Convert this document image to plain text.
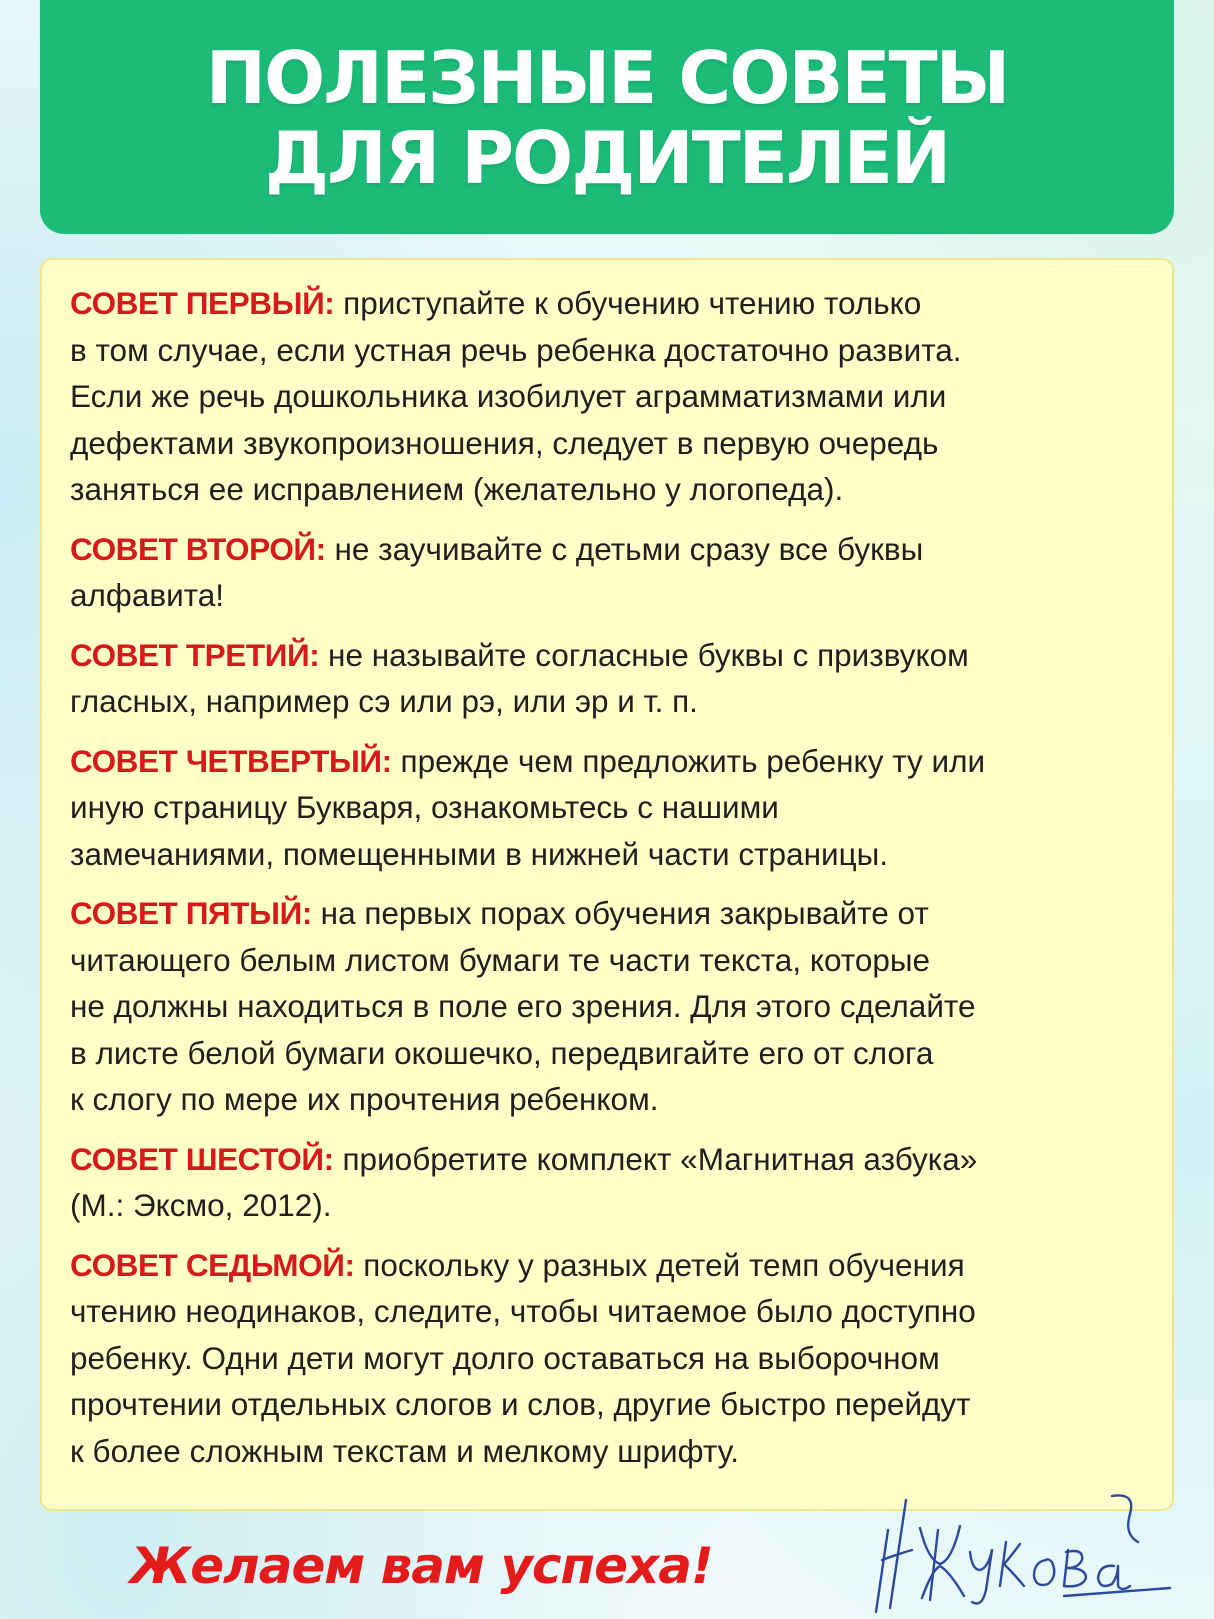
ПОЛЕЗНЫЕ СОВЕТЫ
ДЛЯ РОДИТЕЛЕЙ

СОВЕТ ПЕРВЫЙ: приступайте к обучению чтению только
в том случае, если устная речь ребенка достаточно развита.
Если же речь дошкольника изобилует аграмматизмами или
дефектами звукопроизношения, следует в первую очередь
заняться ее исправлением (желательно у логопеда).

СОВЕТ ВТОРОЙ: не заучивайте с детьми сразу все буквы
алфавита!

СОВЕТ ТРЕТИЙ: не называйте согласные буквы с призвуком
гласных, например сэ или рэ, или эр и т. п.

СОВЕТ ЧЕТВЕРТЫЙ: прежде чем предложить ребенку ту или
иную страницу Букваря, ознакомьтесь с нашими
замечаниями, помещенными в нижней части страницы.

СОВЕТ ПЯТЫЙ: на первых порах обучения закрывайте от
читающего белым листом бумаги те части текста, которые
не должны находиться в поле его зрения. Для этого сделайте
в листе белой бумаги окошечко, передвигайте его от слога
к слогу по мере их прочтения ребенком.

СОВЕТ ШЕСТОЙ: приобретите комплект «Магнитная азбука»
(М.: Эксмо, 2012).

СОВЕТ СЕДЬМОЙ: поскольку у разных детей темп обучения
чтению неодинаков, следите, чтобы читаемое было доступно
ребенку. Одни дети могут долго оставаться на выборочном
прочтении отдельных слогов и слов, другие быстро перейдут
к более сложным текстам и мелкому шрифту.

Желаем вам успеха!
